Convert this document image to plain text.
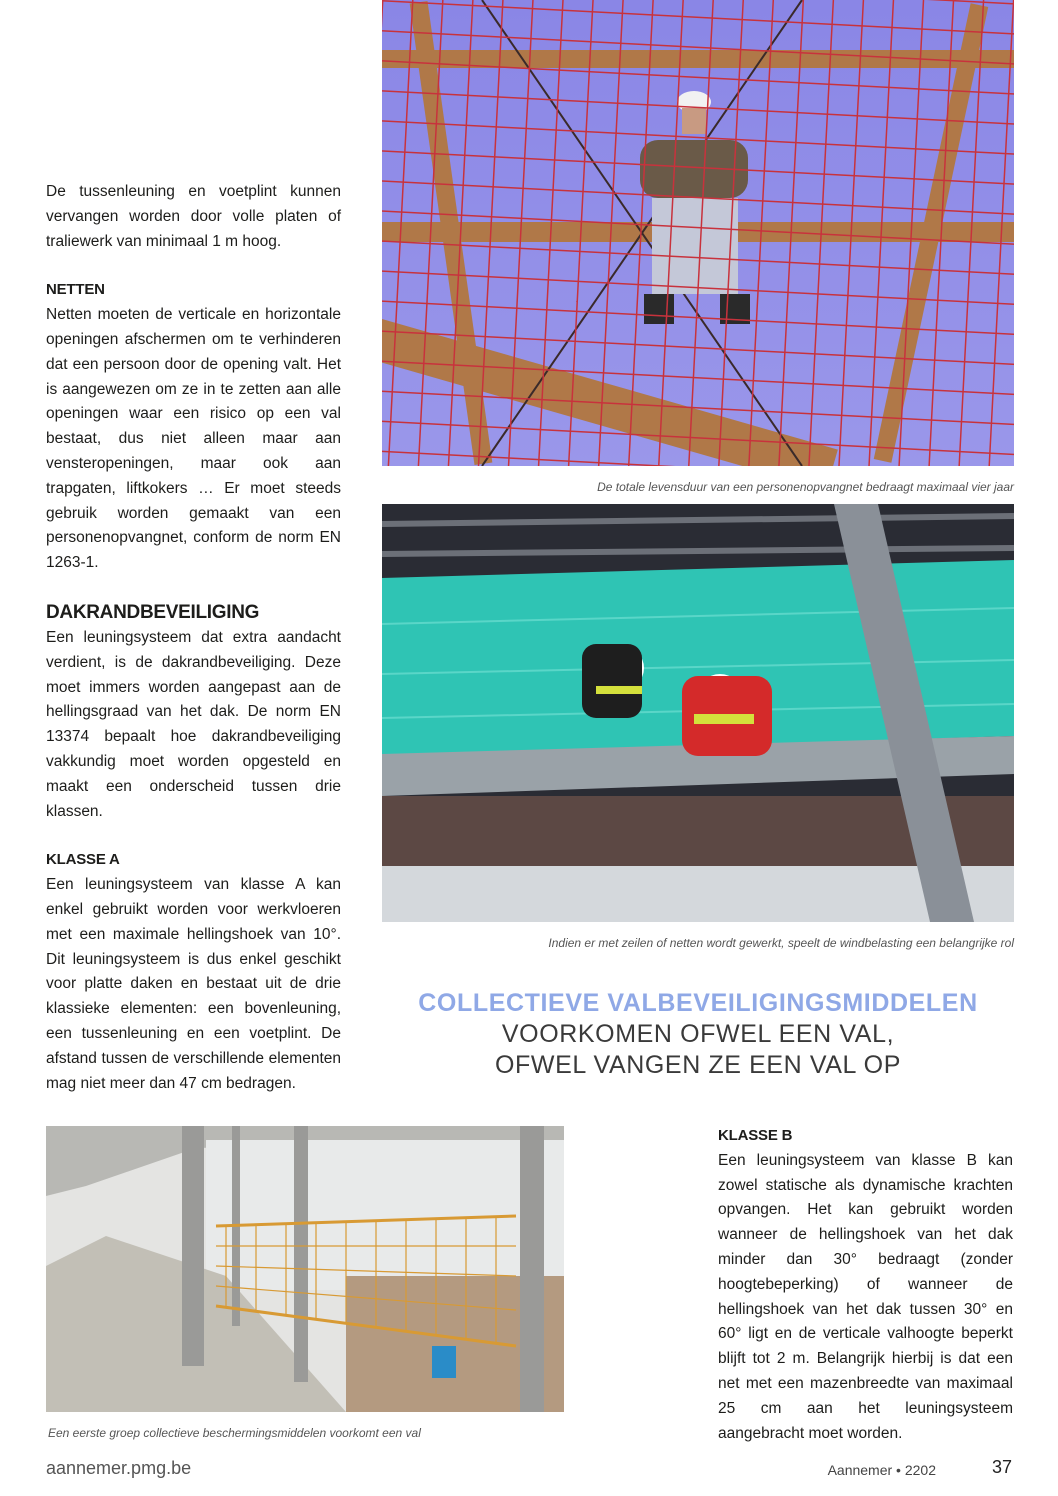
De tussenleuning en voetplint kunnen vervangen worden door volle platen of traliewerk van minimaal 1 m hoog.

NETTEN

Netten moeten de verticale en horizontale openingen afschermen om te verhinderen dat een persoon door de opening valt. Het is aangewezen om ze in te zetten aan alle openingen waar een risico op een val bestaat, dus niet alleen maar aan vensteropeningen, maar ook aan trapgaten, liftkokers … Er moet steeds gebruik worden gemaakt van een personenopvangnet, conform de norm EN 1263-1.

DAKRANDBEVEILIGING

Een leuningsysteem dat extra aandacht verdient, is de dakrandbeveiliging. Deze moet immers worden aangepast aan de hellingsgraad van het dak. De norm EN 13374 bepaalt hoe dakrandbeveiliging vakkundig moet worden opgesteld en maakt een onderscheid tussen drie klassen.

KLASSE A

Een leuningsysteem van klasse A kan enkel gebruikt worden voor werkvloeren met een maximale hellingshoek van 10°. Dit leuningsysteem is dus enkel geschikt voor platte daken en bestaat uit de drie klassieke elementen: een bovenleuning, een tussenleuning en een voetplint. De afstand tussen de verschillende elementen mag niet meer dan 47 cm bedragen.

De totale levensduur van een personenopvangnet bedraagt maximaal vier jaar
Indien er met zeilen of netten wordt gewerkt, speelt de windbelasting een belangrijke rol
COLLECTIEVE VALBEVEILIGINGSMIDDELEN
VOORKOMEN OFWEL EEN VAL,
OFWEL VANGEN ZE EEN VAL OP
Een eerste groep collectieve beschermingsmiddelen voorkomt een val
KLASSE B

Een leuningsysteem van klasse B kan zowel statische als dynamische krachten opvangen. Het kan gebruikt worden wanneer de hellingshoek van het dak minder dan 30° bedraagt (zonder hoogtebeperking) of wanneer de hellingshoek van het dak tussen 30° en 60° ligt en de verticale valhoogte beperkt blijft tot 2 m. Belangrijk hierbij is dat een net met een mazenbreedte van maximaal 25 cm aan het leuningsysteem aangebracht moet worden.

aannemer.pmg.be	Aannemer • 2202	37
